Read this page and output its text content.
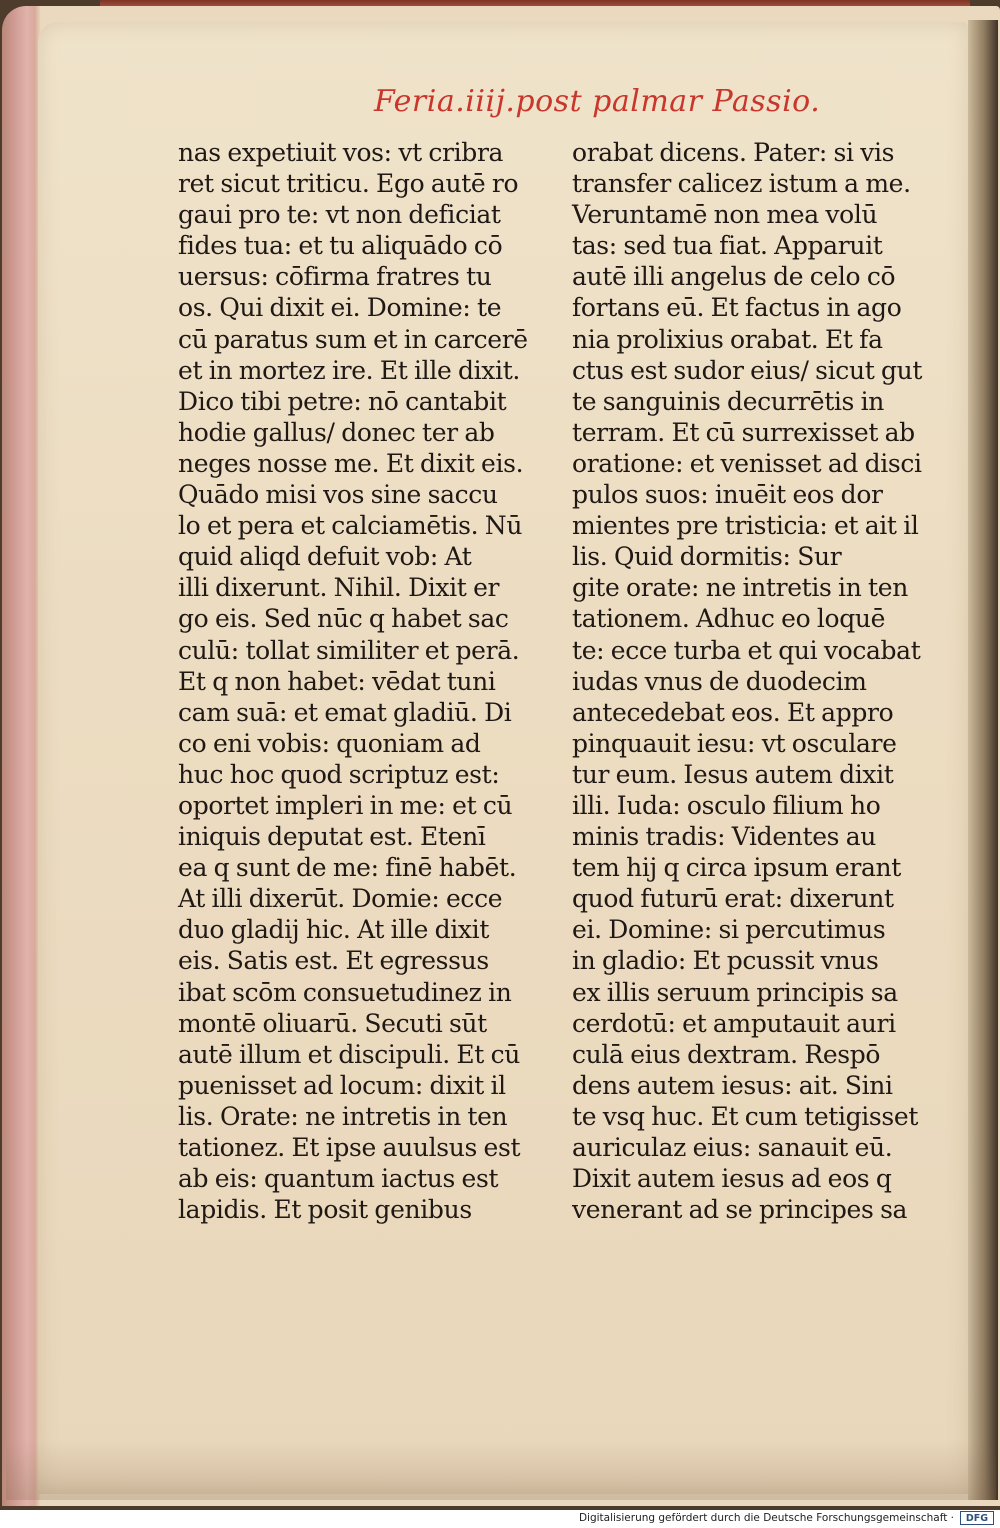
Feria.iiij.post palmar Passio.
nas expetiuit vos: vt cribra
ret sicut triticu. Ego autē ro
gaui pro te: vt non deficiat
fides tua: et tu aliquādo cō
uersus: cōfirma fratres tu
os. Qui dixit ei. Domine: te
cū paratus sum et in carcerē
et in mortez ire. Et ille dixit.
Dico tibi petre: nō cantabit
hodie gallus/ donec ter ab
neges nosse me. Et dixit eis.
Quādo misi vos sine saccu
lo et pera et calciamētis. Nū
quid aliqd defuit vob: At
illi dixerunt. Nihil. Dixit er
go eis. Sed nūc q habet sac
culū: tollat similiter et perā.
Et q non habet: vēdat tuni
cam suā: et emat gladiū. Di
co eni vobis: quoniam ad
huc hoc quod scriptuz est:
oportet impleri in me: et cū
iniquis deputat est. Etenī
ea q sunt de me: finē habēt.
At illi dixerūt. Domie: ecce
duo gladij hic. At ille dixit
eis. Satis est. Et egressus
ibat scōm consuetudinez in
montē oliuarū. Secuti sūt
autē illum et discipuli. Et cū
puenisset ad locum: dixit il
lis. Orate: ne intretis in ten
tationez. Et ipse auulsus est
ab eis: quantum iactus est
lapidis. Et posit genibus
orabat dicens. Pater: si vis
transfer calicez istum a me.
Veruntamē non mea volū
tas: sed tua fiat. Apparuit
autē illi angelus de celo cō
fortans eū. Et factus in ago
nia prolixius orabat. Et fa
ctus est sudor eius/ sicut gut
te sanguinis decurrētis in
terram. Et cū surrexisset ab
oratione: et venisset ad disci
pulos suos: inuēit eos dor
mientes pre tristicia: et ait il
lis. Quid dormitis: Sur
gite orate: ne intretis in ten
tationem. Adhuc eo loquē
te: ecce turba et qui vocabat
iudas vnus de duodecim
antecedebat eos. Et appro
pinquauit iesu: vt osculare
tur eum. Iesus autem dixit
illi. Iuda: osculo filium ho
minis tradis: Videntes au
tem hij q circa ipsum erant
quod futurū erat: dixerunt
ei. Domine: si percutimus
in gladio: Et pcussit vnus
ex illis seruum principis sa
cerdotū: et amputauit auri
culā eius dextram. Respō
dens autem iesus: ait. Sini
te vsq huc. Et cum tetigisset
auriculaz eius: sanauit eū.
Dixit autem iesus ad eos q
venerant ad se principes sa
Digitalisierung gefördert durch die Deutsche Forschungsgemeinschaft ·	DFG
